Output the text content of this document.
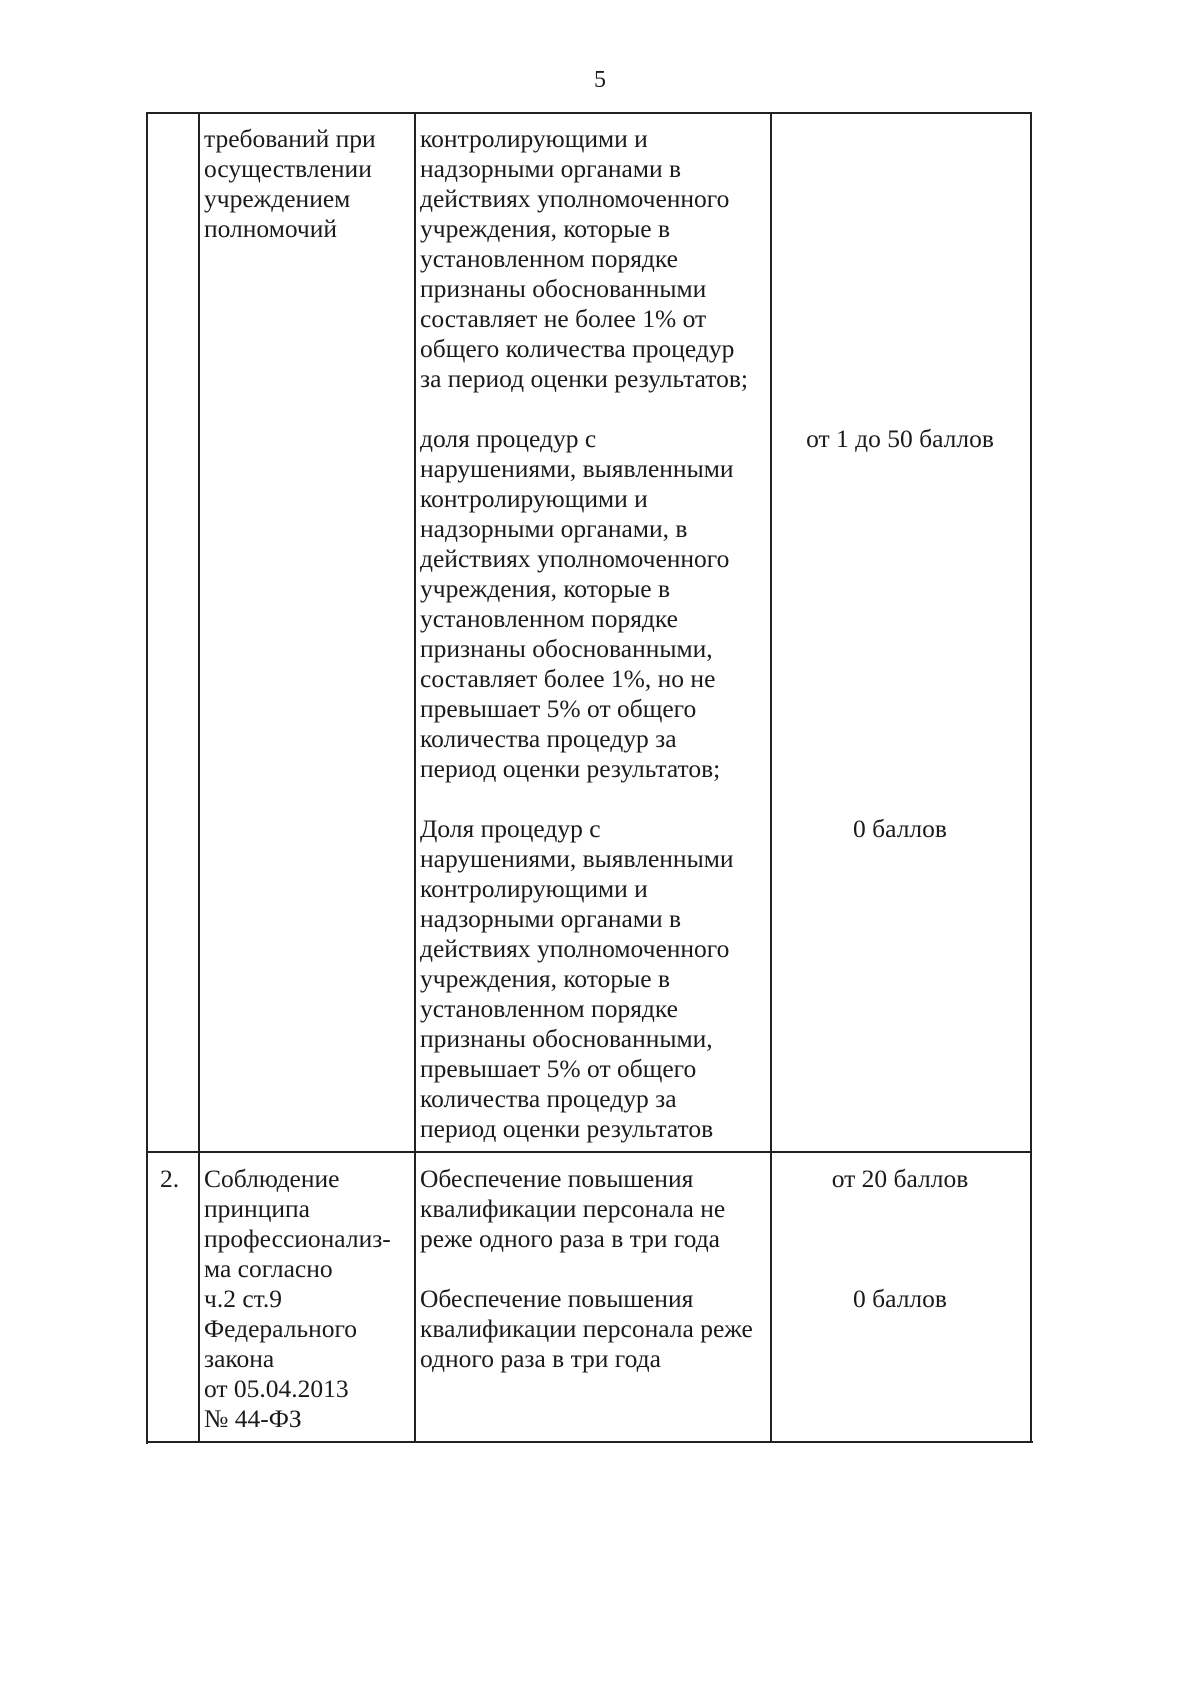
5

требований при
осуществлении
учреждением
полномочий

контролирующими и
надзорными органами в
действиях уполномоченного
учреждения, которые в
установленном порядке
признаны обоснованными
составляет не более 1% от
общего количества процедур
за период оценки результатов;

доля процедур с
нарушениями, выявленными
контролирующими и
надзорными органами, в
действиях уполномоченного
учреждения, которые в
установленном порядке
признаны обоснованными,
составляет более 1%, но не
превышает 5% от общего
количества процедур за
период оценки результатов;

от 1 до 50 баллов

Доля процедур с
нарушениями, выявленными
контролирующими и
надзорными органами в
действиях уполномоченного
учреждения, которые в
установленном порядке
признаны обоснованными,
превышает 5% от общего
количества процедур за
период оценки результатов

0 баллов

2. Соблюдение
принципа
профессионализ-
ма согласно
ч.2 ст.9
Федерального
закона
от 05.04.2013
№ 44-ФЗ

Обеспечение повышения
квалификации персонала не
реже одного раза в три года

от 20 баллов

Обеспечение повышения
квалификации персонала реже
одного раза в три года

0 баллов
